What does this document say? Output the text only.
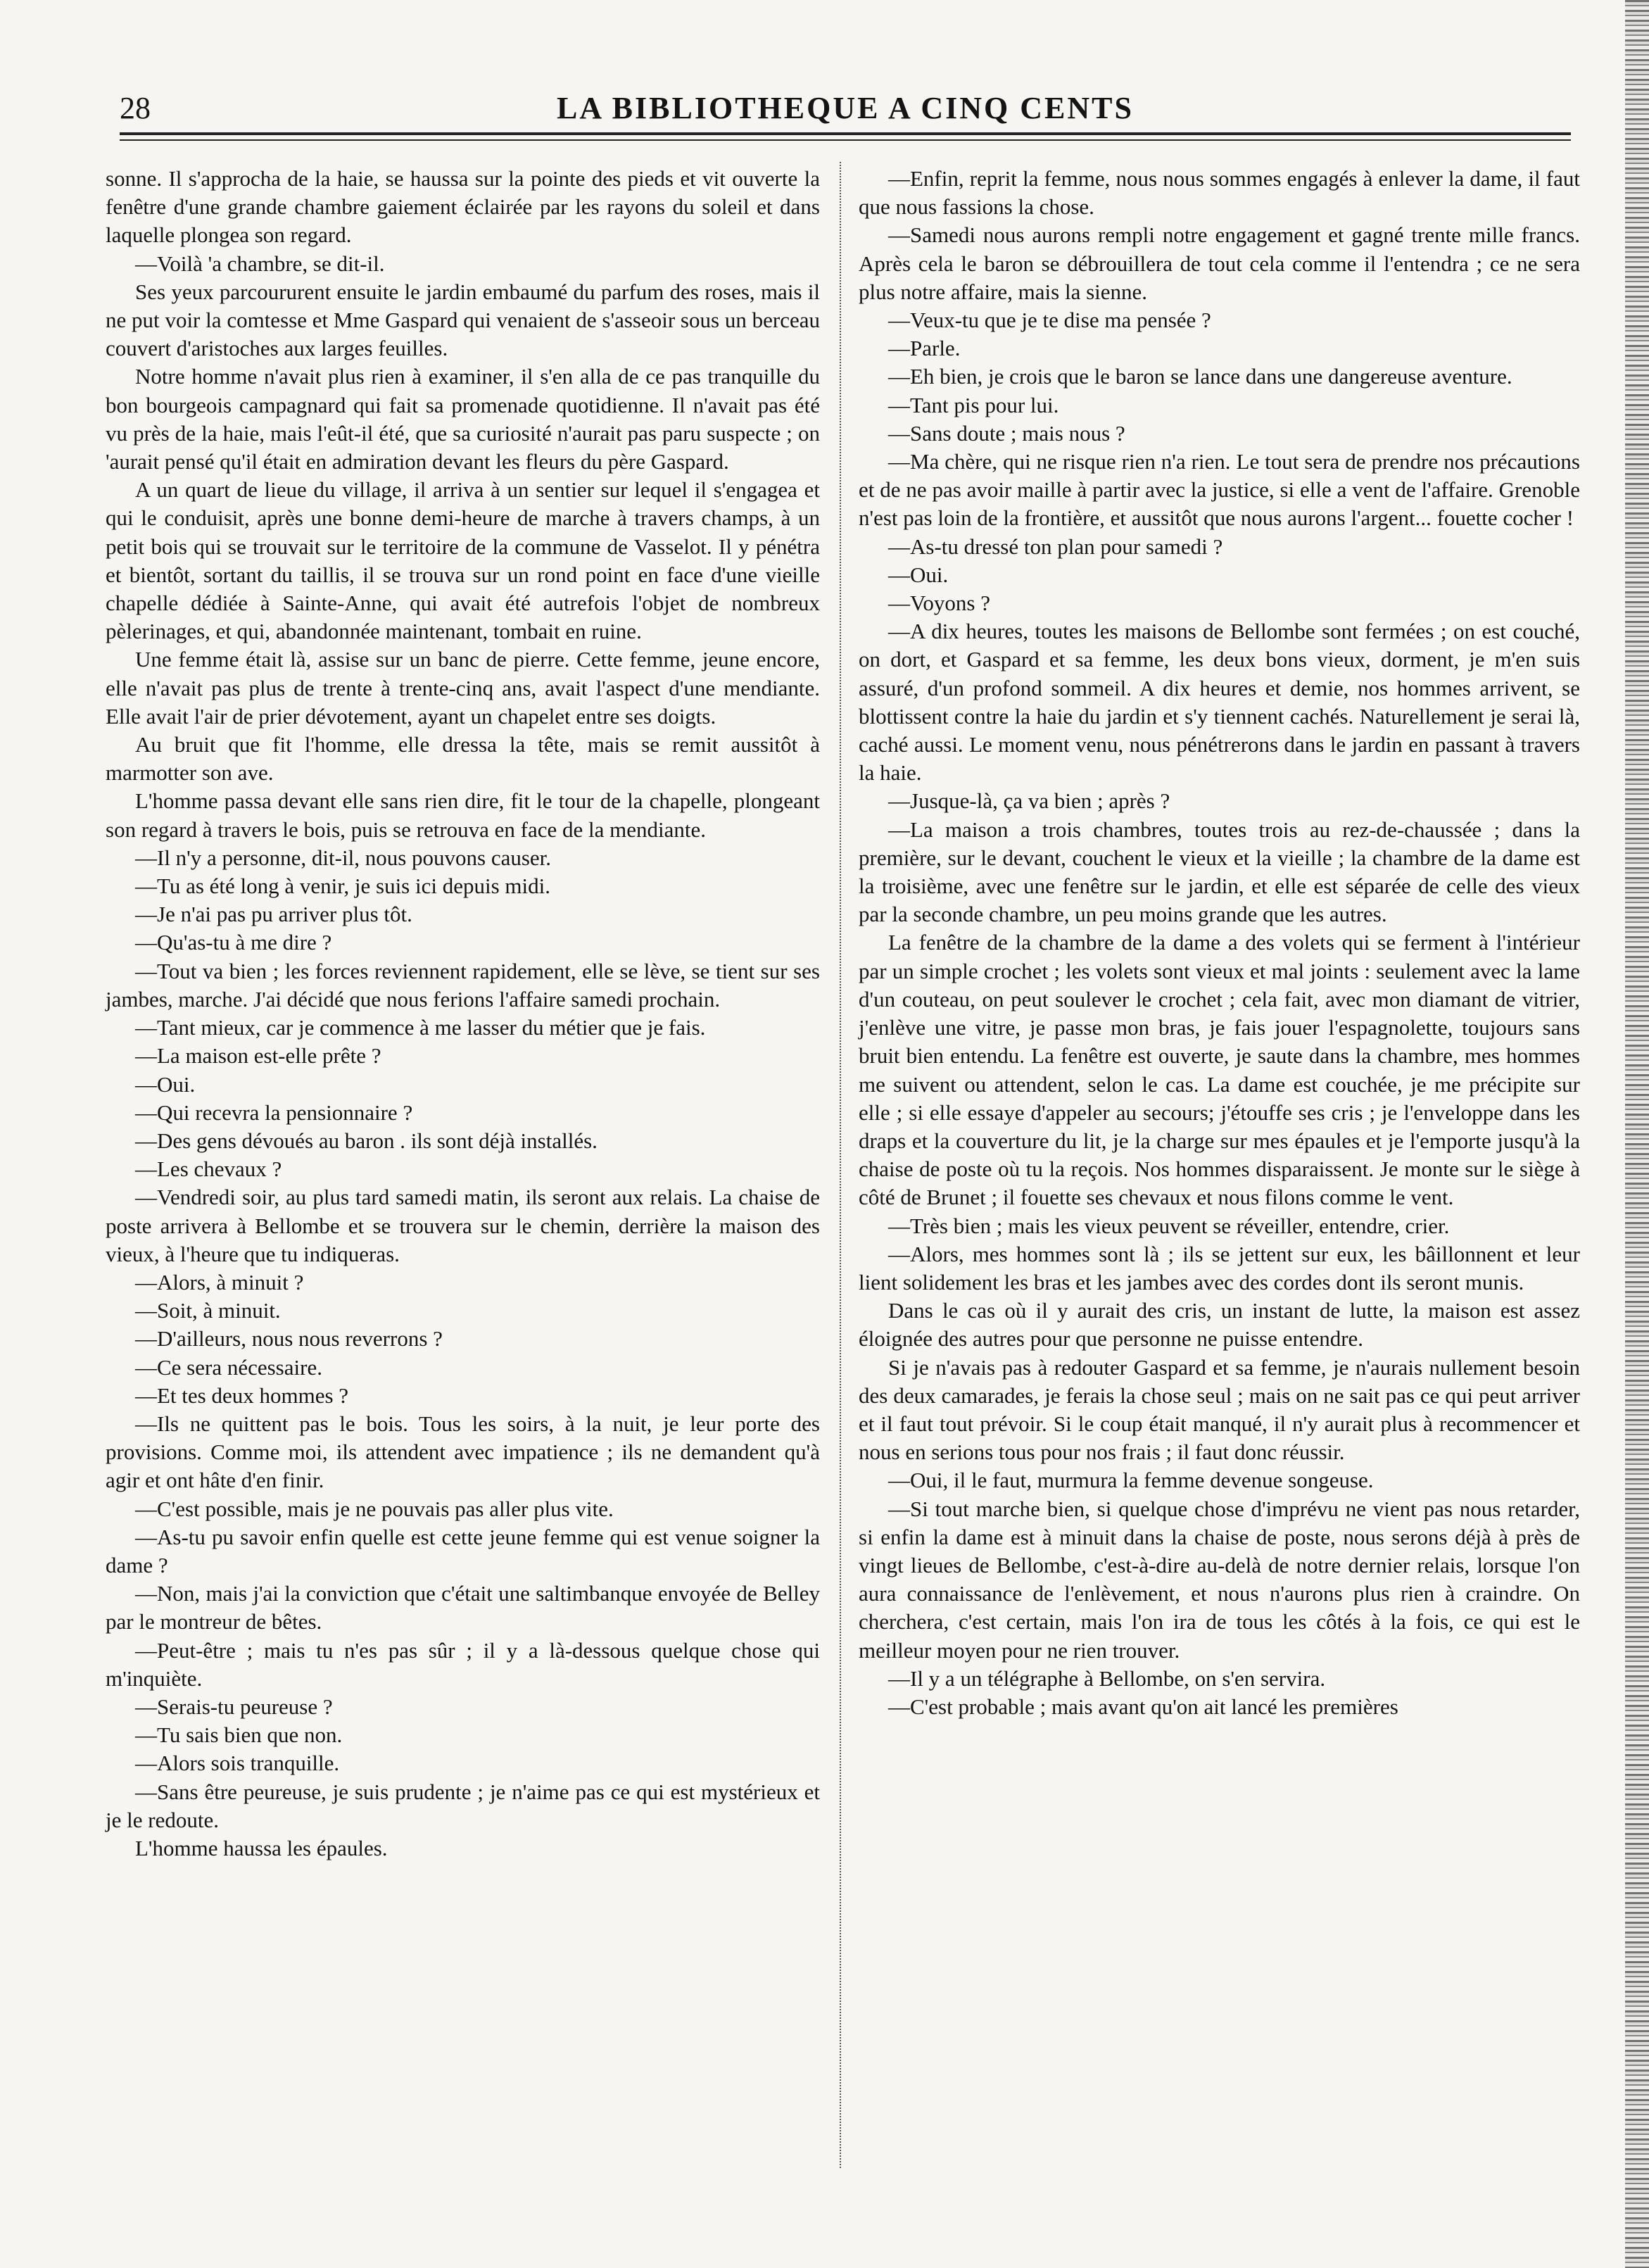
28	LA BIBLIOTHEQUE A CINQ CENTS

sonne. Il s'approcha de la haie, se haussa sur la pointe des pieds et vit ouverte la fenêtre d'une grande chambre gaiement éclairée par les rayons du soleil et dans laquelle plongea son regard.

—Voilà 'a chambre, se dit-il.

Ses yeux parcoururent ensuite le jardin embaumé du parfum des roses, mais il ne put voir la comtesse et Mme Gaspard qui venaient de s'asseoir sous un berceau couvert d'aristoches aux larges feuilles.

Notre homme n'avait plus rien à examiner, il s'en alla de ce pas tranquille du bon bourgeois campagnard qui fait sa promenade quotidienne. Il n'avait pas été vu près de la haie, mais l'eût-il été, que sa curiosité n'aurait pas paru suspecte ; on 'aurait pensé qu'il était en admiration devant les fleurs du père Gaspard.

A un quart de lieue du village, il arriva à un sentier sur lequel il s'engagea et qui le conduisit, après une bonne demi-heure de marche à travers champs, à un petit bois qui se trouvait sur le territoire de la commune de Vasselot. Il y pénétra et bientôt, sortant du taillis, il se trouva sur un rond point en face d'une vieille chapelle dédiée à Sainte-Anne, qui avait été autrefois l'objet de nombreux pèlerinages, et qui, abandonnée maintenant, tombait en ruine.

Une femme était là, assise sur un banc de pierre. Cette femme, jeune encore, elle n'avait pas plus de trente à trente-cinq ans, avait l'aspect d'une mendiante. Elle avait l'air de prier dévotement, ayant un chapelet entre ses doigts.

Au bruit que fit l'homme, elle dressa la tête, mais se remit aussitôt à marmotter son ave.

L'homme passa devant elle sans rien dire, fit le tour de la chapelle, plongeant son regard à travers le bois, puis se retrouva en face de la mendiante.

—Il n'y a personne, dit-il, nous pouvons causer.

—Tu as été long à venir, je suis ici depuis midi.

—Je n'ai pas pu arriver plus tôt.

—Qu'as-tu à me dire ?

—Tout va bien ; les forces reviennent rapidement, elle se lève, se tient sur ses jambes, marche. J'ai décidé que nous ferions l'affaire samedi prochain.

—Tant mieux, car je commence à me lasser du métier que je fais.

—La maison est-elle prête ?

—Oui.

—Qui recevra la pensionnaire ?

—Des gens dévoués au baron . ils sont déjà installés.

—Les chevaux ?

—Vendredi soir, au plus tard samedi matin, ils seront aux relais. La chaise de poste arrivera à Bellombe et se trouvera sur le chemin, derrière la maison des vieux, à l'heure que tu indiqueras.

—Alors, à minuit ?

—Soit, à minuit.

—D'ailleurs, nous nous reverrons ?

—Ce sera nécessaire.

—Et tes deux hommes ?

—Ils ne quittent pas le bois. Tous les soirs, à la nuit, je leur porte des provisions. Comme moi, ils attendent avec impatience ; ils ne demandent qu'à agir et ont hâte d'en finir.

—C'est possible, mais je ne pouvais pas aller plus vite.

—As-tu pu savoir enfin quelle est cette jeune femme qui est venue soigner la dame ?

—Non, mais j'ai la conviction que c'était une saltimbanque envoyée de Belley par le montreur de bêtes.

—Peut-être ; mais tu n'es pas sûr ; il y a là-dessous quelque chose qui m'inquiète.

—Serais-tu peureuse ?

—Tu sais bien que non.

—Alors sois tranquille.

—Sans être peureuse, je suis prudente ; je n'aime pas ce qui est mystérieux et je le redoute.

L'homme haussa les épaules.

—Enfin, reprit la femme, nous nous sommes engagés à enlever la dame, il faut que nous fassions la chose.

—Samedi nous aurons rempli notre engagement et gagné trente mille francs. Après cela le baron se débrouillera de tout cela comme il l'entendra ; ce ne sera plus notre affaire, mais la sienne.

—Veux-tu que je te dise ma pensée ?

—Parle.

—Eh bien, je crois que le baron se lance dans une dangereuse aventure.

—Tant pis pour lui.

—Sans doute ; mais nous ?

—Ma chère, qui ne risque rien n'a rien. Le tout sera de prendre nos précautions et de ne pas avoir maille à partir avec la justice, si elle a vent de l'affaire. Grenoble n'est pas loin de la frontière, et aussitôt que nous aurons l'argent... fouette cocher !

—As-tu dressé ton plan pour samedi ?

—Oui.

—Voyons ?

—A dix heures, toutes les maisons de Bellombe sont fermées ; on est couché, on dort, et Gaspard et sa femme, les deux bons vieux, dorment, je m'en suis assuré, d'un profond sommeil. A dix heures et demie, nos hommes arrivent, se blottissent contre la haie du jardin et s'y tiennent cachés. Naturellement je serai là, caché aussi. Le moment venu, nous pénétrerons dans le jardin en passant à travers la haie.

—Jusque-là, ça va bien ; après ?

—La maison a trois chambres, toutes trois au rez-de-chaussée ; dans la première, sur le devant, couchent le vieux et la vieille ; la chambre de la dame est la troisième, avec une fenêtre sur le jardin, et elle est séparée de celle des vieux par la seconde chambre, un peu moins grande que les autres.

La fenêtre de la chambre de la dame a des volets qui se ferment à l'intérieur par un simple crochet ; les volets sont vieux et mal joints : seulement avec la lame d'un couteau, on peut soulever le crochet ; cela fait, avec mon diamant de vitrier, j'enlève une vitre, je passe mon bras, je fais jouer l'espagnolette, toujours sans bruit bien entendu. La fenêtre est ouverte, je saute dans la chambre, mes hommes me suivent ou attendent, selon le cas. La dame est couchée, je me précipite sur elle ; si elle essaye d'appeler au secours; j'étouffe ses cris ; je l'enveloppe dans les draps et la couverture du lit, je la charge sur mes épaules et je l'emporte jusqu'à la chaise de poste où tu la reçois. Nos hommes disparaissent. Je monte sur le siège à côté de Brunet ; il fouette ses chevaux et nous filons comme le vent.

—Très bien ; mais les vieux peuvent se réveiller, entendre, crier.

—Alors, mes hommes sont là ; ils se jettent sur eux, les bâillonnent et leur lient solidement les bras et les jambes avec des cordes dont ils seront munis.

Dans le cas où il y aurait des cris, un instant de lutte, la maison est assez éloignée des autres pour que personne ne puisse entendre.

Si je n'avais pas à redouter Gaspard et sa femme, je n'aurais nullement besoin des deux camarades, je ferais la chose seul ; mais on ne sait pas ce qui peut arriver et il faut tout prévoir. Si le coup était manqué, il n'y aurait plus à recommencer et nous en serions tous pour nos frais ; il faut donc réussir.

—Oui, il le faut, murmura la femme devenue songeuse.

—Si tout marche bien, si quelque chose d'imprévu ne vient pas nous retarder, si enfin la dame est à minuit dans la chaise de poste, nous serons déjà à près de vingt lieues de Bellombe, c'est-à-dire au-delà de notre dernier relais, lorsque l'on aura connaissance de l'enlèvement, et nous n'aurons plus rien à craindre. On cherchera, c'est certain, mais l'on ira de tous les côtés à la fois, ce qui est le meilleur moyen pour ne rien trouver.

—Il y a un télégraphe à Bellombe, on s'en servira.

—C'est probable ; mais avant qu'on ait lancé les premières
